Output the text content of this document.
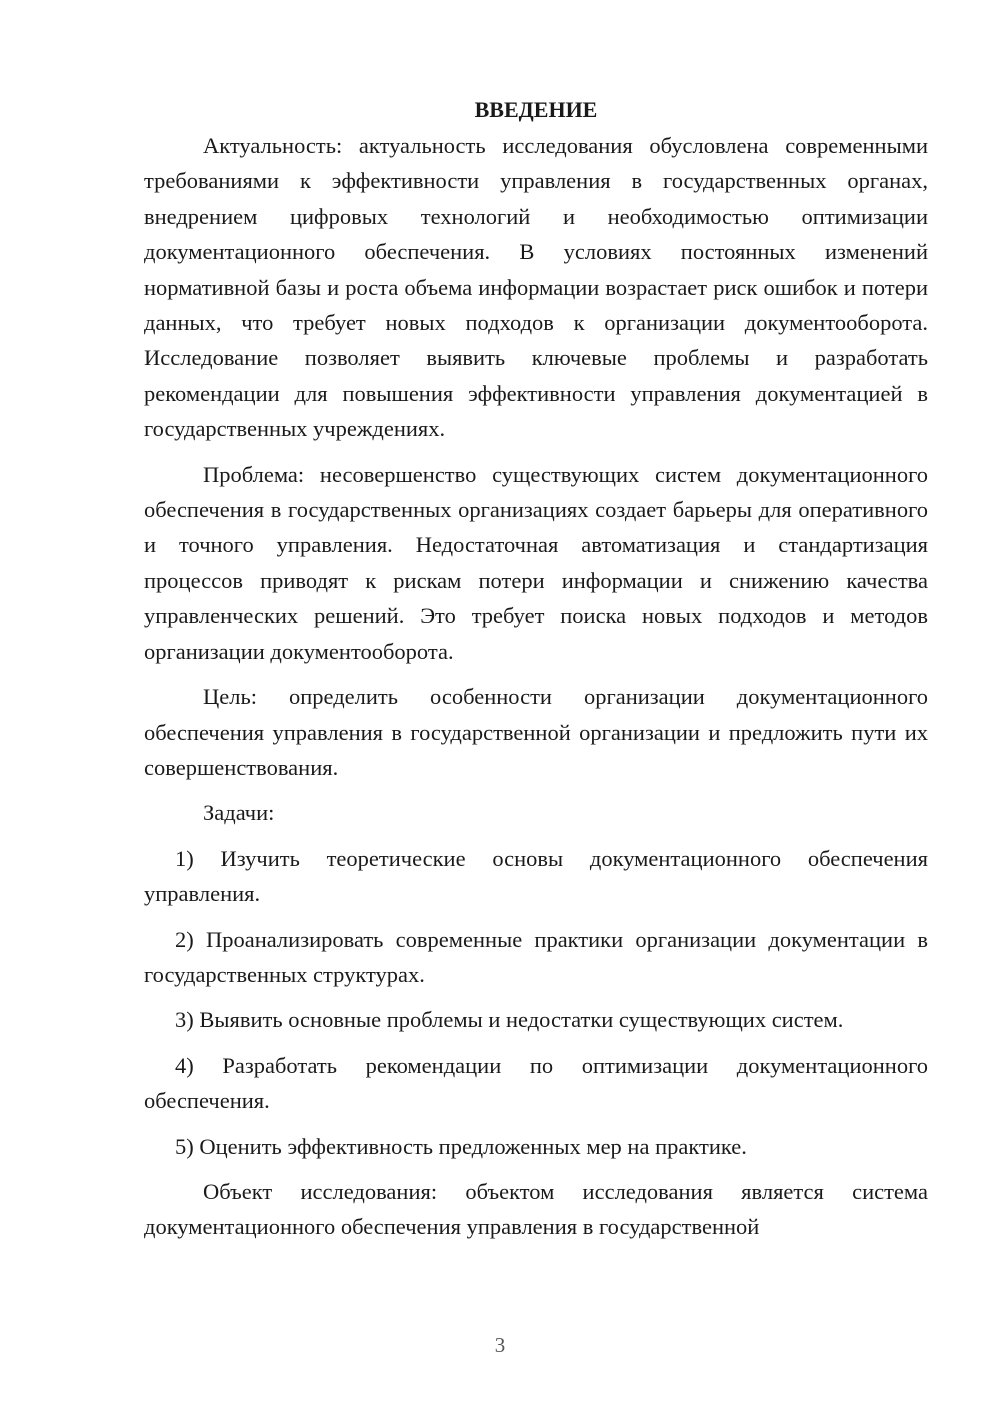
ВВЕДЕНИЕ

Актуальность: актуальность исследования обусловлена современными требованиями к эффективности управления в государственных органах, внедрением цифровых технологий и необходимостью оптимизации документационного обеспечения. В условиях постоянных изменений нормативной базы и роста объема информации возрастает риск ошибок и потери данных, что требует новых подходов к организации документооборота. Исследование позволяет выявить ключевые проблемы и разработать рекомендации для повышения эффективности управления документацией в государственных учреждениях.

Проблема: несовершенство существующих систем документационного обеспечения в государственных организациях создает барьеры для оперативного и точного управления. Недостаточная автоматизация и стандартизация процессов приводят к рискам потери информации и снижению качества управленческих решений. Это требует поиска новых подходов и методов организации документооборота.

Цель: определить особенности организации документационного обеспечения управления в государственной организации и предложить пути их совершенствования.

Задачи:

1) Изучить теоретические основы документационного обеспечения управления.

2) Проанализировать современные практики организации документации в государственных структурах.

3) Выявить основные проблемы и недостатки существующих систем.

4) Разработать рекомендации по оптимизации документационного обеспечения.

5) Оценить эффективность предложенных мер на практике.

Объект исследования: объектом исследования является система документационного обеспечения управления в государственной

3
